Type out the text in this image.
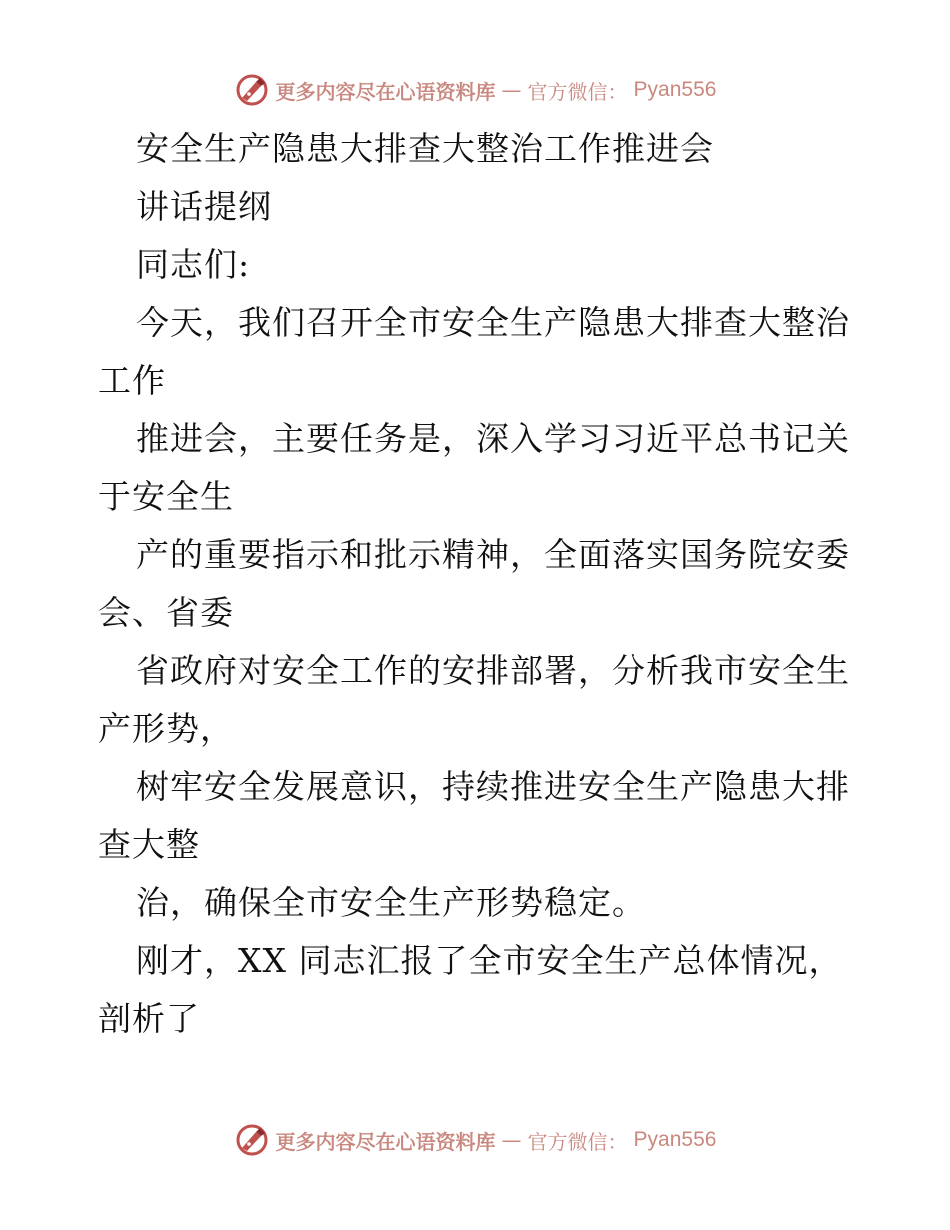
更多内容尽在心语资料库 — 官方微信： Pyan556
安全生产隐患大排查大整治工作推进会
讲话提纲
同志们:
今天，我们召开全市安全生产隐患大排查大整治
工作
推进会，主要任务是，深入学习习近平总书记关
于安全生
产的重要指示和批示精神，全面落实国务院安委
会、省委
省政府对安全工作的安排部署，分析我市安全生
产形势，
树牢安全发展意识，持续推进安全生产隐患大排
查大整
治，确保全市安全生产形势稳定。
刚才，XX 同志汇报了全市安全生产总体情况，
剖析了
更多内容尽在心语资料库 — 官方微信： Pyan556
